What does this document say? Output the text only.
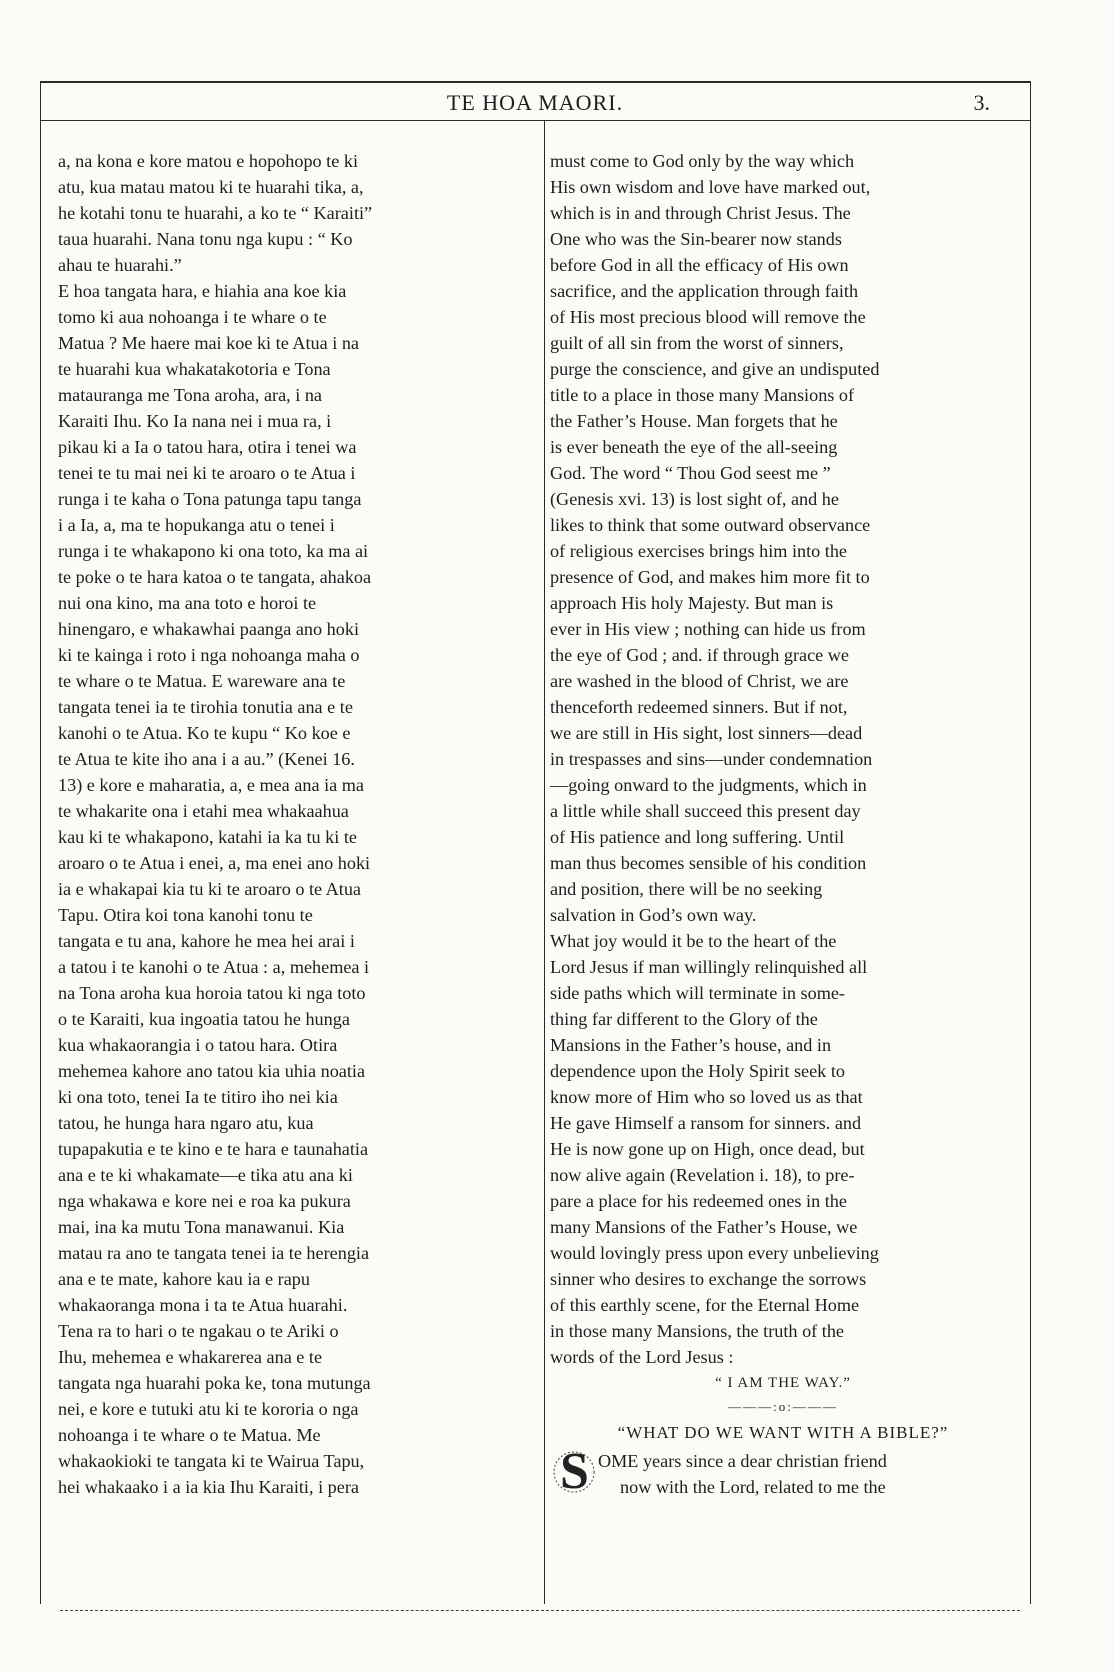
TE HOA MAORI.	3.
a, na kona e kore matou e hopohopo te ki
atu, kua matau matou ki te huarahi tika, a,
he kotahi tonu te huarahi, a ko te “ Karaiti”
taua huarahi. Nana tonu nga kupu : “ Ko
ahau te huarahi.”
E hoa tangata hara, e hiahia ana koe kia
tomo ki aua nohoanga i te whare o te
Matua ? Me haere mai koe ki te Atua i na
te huarahi kua whakatakotoria e Tona
matauranga me Tona aroha, ara, i na
Karaiti Ihu. Ko Ia nana nei i mua ra, i
pikau ki a Ia o tatou hara, otira i tenei wa
tenei te tu mai nei ki te aroaro o te Atua i
runga i te kaha o Tona patunga tapu tanga
i a Ia, a, ma te hopukanga atu o tenei i
runga i te whakapono ki ona toto, ka ma ai
te poke o te hara katoa o te tangata, ahakoa
nui ona kino, ma ana toto e horoi te
hinengaro, e whakawhai paanga ano hoki
ki te kainga i roto i nga nohoanga maha o
te whare o te Matua. E wareware ana te
tangata tenei ia te tirohia tonutia ana e te
kanohi o te Atua. Ko te kupu “ Ko koe e
te Atua te kite iho ana i a au.” (Kenei 16.
13) e kore e maharatia, a, e mea ana ia ma
te whakarite ona i etahi mea whakaahua
kau ki te whakapono, katahi ia ka tu ki te
aroaro o te Atua i enei, a, ma enei ano hoki
ia e whakapai kia tu ki te aroaro o te Atua
Tapu. Otira koi tona kanohi tonu te
tangata e tu ana, kahore he mea hei arai i
a tatou i te kanohi o te Atua : a, mehemea i
na Tona aroha kua horoia tatou ki nga toto
o te Karaiti, kua ingoatia tatou he hunga
kua whakaorangia i o tatou hara. Otira
mehemea kahore ano tatou kia uhia noatia
ki ona toto, tenei Ia te titiro iho nei kia
tatou, he hunga hara ngaro atu, kua
tupapakutia e te kino e te hara e taunahatia
ana e te ki whakamate—e tika atu ana ki
nga whakawa e kore nei e roa ka pukura
mai, ina ka mutu Tona manawanui. Kia
matau ra ano te tangata tenei ia te herengia
ana e te mate, kahore kau ia e rapu
whakaoranga mona i ta te Atua huarahi.
Tena ra to hari o te ngakau o te Ariki o
Ihu, mehemea e whakarerea ana e te
tangata nga huarahi poka ke, tona mutunga
nei, e kore e tutuki atu ki te kororia o nga
nohoanga i te whare o te Matua. Me
whakaokioki te tangata ki te Wairua Tapu,
hei whakaako i a ia kia Ihu Karaiti, i pera
must come to God only by the way which
His own wisdom and love have marked out,
which is in and through Christ Jesus. The
One who was the Sin-bearer now stands
before God in all the efficacy of His own
sacrifice, and the application through faith
of His most precious blood will remove the
guilt of all sin from the worst of sinners,
purge the conscience, and give an undisputed
title to a place in those many Mansions of
the Father’s House. Man forgets that he
is ever beneath the eye of the all-seeing
God. The word “ Thou God seest me ”
(Genesis xvi. 13) is lost sight of, and he
likes to think that some outward observance
of religious exercises brings him into the
presence of God, and makes him more fit to
approach His holy Majesty. But man is
ever in His view ; nothing can hide us from
the eye of God ; and. if through grace we
are washed in the blood of Christ, we are
thenceforth redeemed sinners. But if not,
we are still in His sight, lost sinners—dead
in trespasses and sins—under condemnation
—going onward to the judgments, which in
a little while shall succeed this present day
of His patience and long suffering. Until
man thus becomes sensible of his condition
and position, there will be no seeking
salvation in God’s own way.
What joy would it be to the heart of the
Lord Jesus if man willingly relinquished all
side paths which will terminate in some-
thing far different to the Glory of the
Mansions in the Father’s house, and in
dependence upon the Holy Spirit seek to
know more of Him who so loved us as that
He gave Himself a ransom for sinners. and
He is now gone up on High, once dead, but
now alive again (Revelation i. 18), to pre-
pare a place for his redeemed ones in the
many Mansions of the Father’s House, we
would lovingly press upon every unbelieving
sinner who desires to exchange the sorrows
of this earthly scene, for the Eternal Home
in those many Mansions, the truth of the
words of the Lord Jesus :
“ I AM THE WAY.”
———:o:———
“WHAT DO WE WANT WITH A BIBLE?”
S OME years since a dear christian friend
now with the Lord, related to me the
